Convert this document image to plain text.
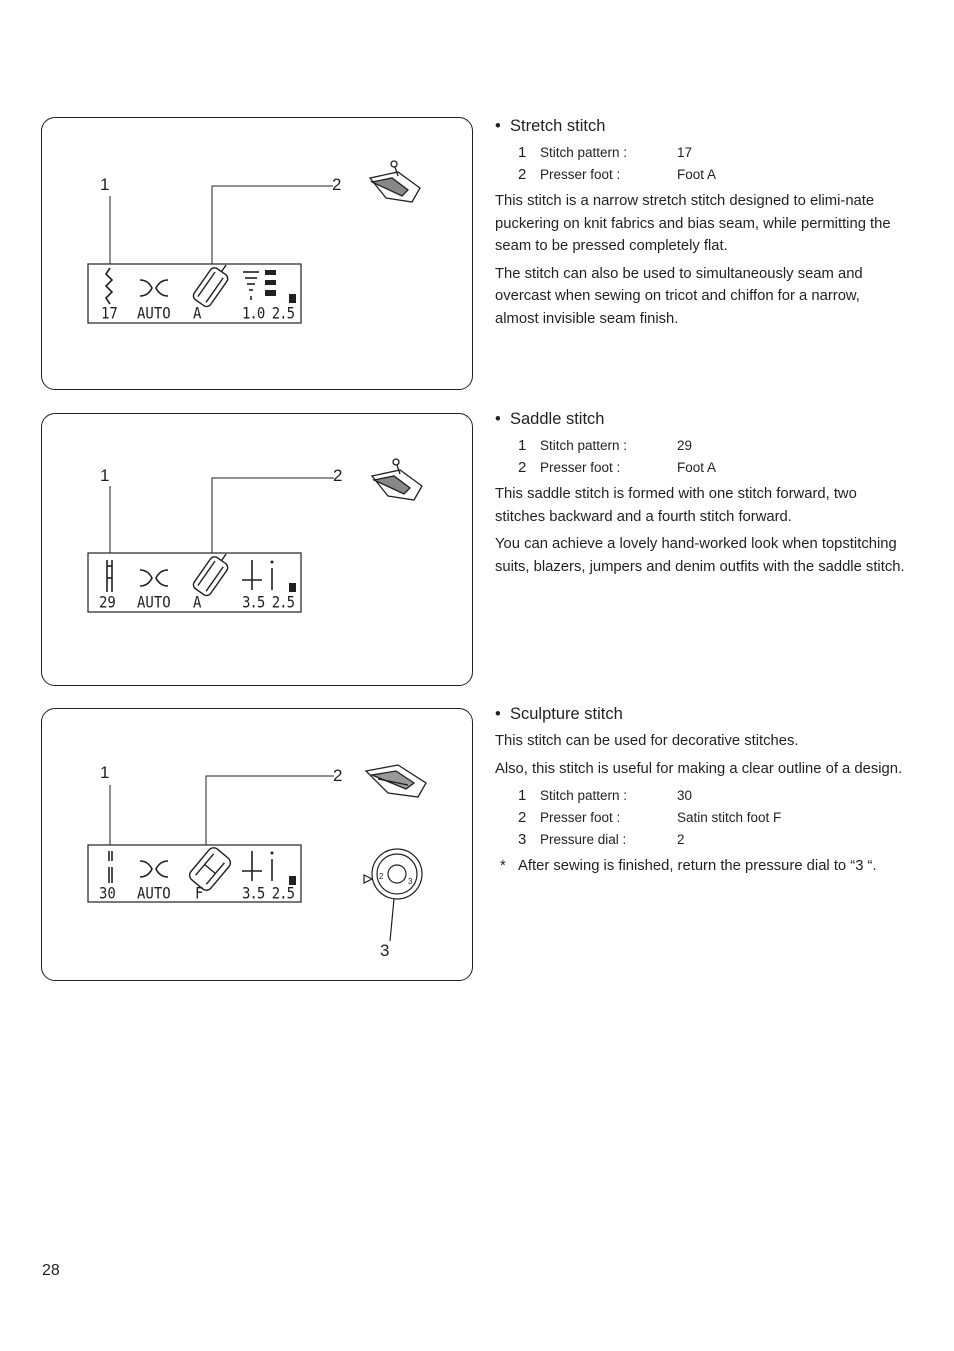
1	2
17 AUTO A	1.0 2.5
1	2
29 AUTO A	3.5 2.5
1	2
3
2
3
30 AUTO F	3.5 2.5
• Stretch stitch
1 Stitch pattern :	17
2 Presser foot :	Foot A

This stitch is a narrow stretch stitch designed to elimi-nate puckering on knit fabrics and bias seam, while permitting the seam to be pressed completely flat.

The stitch can also be used to simultaneously seam and overcast when sewing on tricot and chiffon for a narrow, almost invisible seam finish.

• Saddle stitch
1 Stitch pattern :	29
2 Presser foot :	Foot A

This saddle stitch is formed with one stitch forward, two stitches backward and a fourth stitch forward.

You can achieve a lovely hand-worked look when topstitching suits, blazers, jumpers and denim outfits with the saddle stitch.

• Sculpture stitch

This stitch can be used for decorative stitches.

Also, this stitch is useful for making a clear outline of a design.

1 Stitch pattern :	30
2 Presser foot :	Satin stitch foot F
3 Pressure dial :	2
* After sewing is finished, return the pressure dial to “3 “.
28
